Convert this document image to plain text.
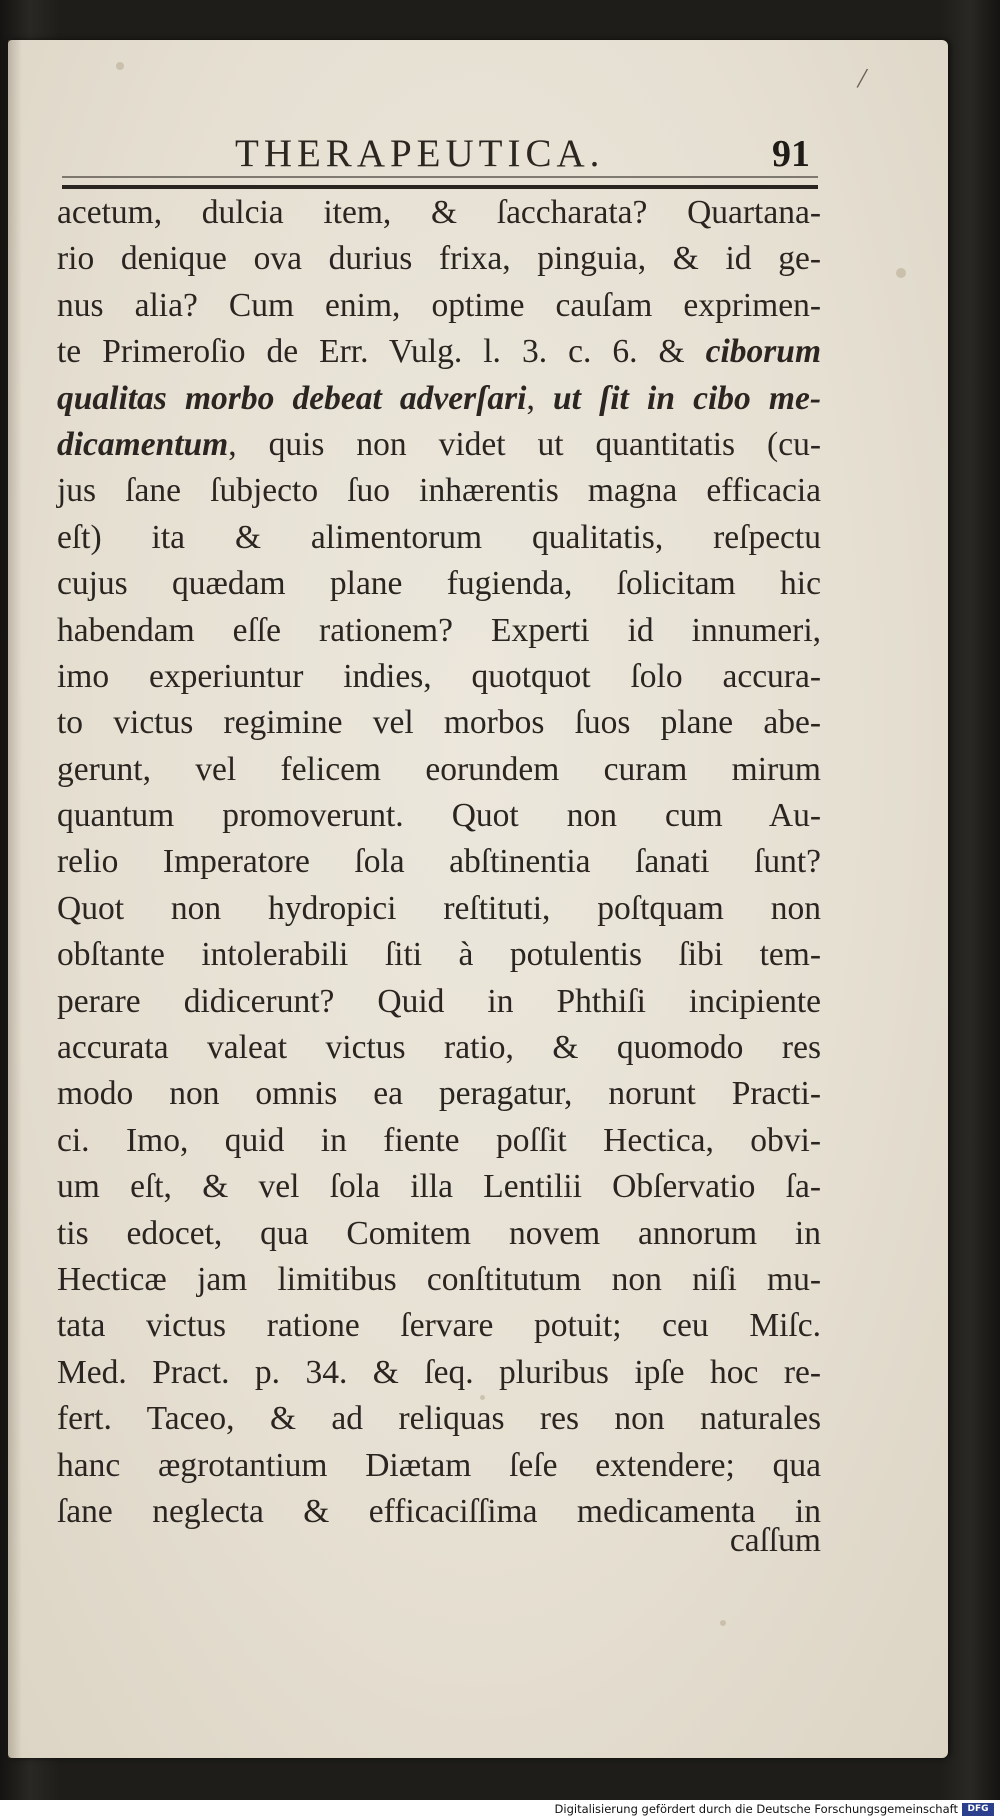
/
THERAPEUTICA.	91
acetum, dulcia item, & ſaccharata? Quartana-
rio denique ova durius frixa, pinguia, & id ge-
nus alia? Cum enim, optime cauſam exprimen-
te Primeroſio de Err. Vulg. l. 3. c. 6. & ciborum
qualitas morbo debeat adverſari, ut ſit in cibo me-
dicamentum, quis non videt ut quantitatis (cu-
jus ſane ſubjecto ſuo inhærentis magna efficacia
eſt) ita & alimentorum qualitatis, reſpectu
cujus quædam plane fugienda, ſolicitam hic
habendam eſſe rationem? Experti id innumeri,
imo experiuntur indies, quotquot ſolo accura-
to victus regimine vel morbos ſuos plane abe-
gerunt, vel felicem eorundem curam mirum
quantum promoverunt. Quot non cum Au-
relio Imperatore ſola abſtinentia ſanati ſunt?
Quot non hydropici reſtituti, poſtquam non
obſtante intolerabili ſiti à potulentis ſibi tem-
perare didicerunt? Quid in Phthiſi incipiente
accurata valeat victus ratio, & quomodo res
modo non omnis ea peragatur, norunt Practi-
ci. Imo, quid in fiente poſſit Hectica, obvi-
um eſt, & vel ſola illa Lentilii Obſervatio ſa-
tis edocet, qua Comitem novem annorum in
Hecticæ jam limitibus conſtitutum non niſi mu-
tata victus ratione ſervare potuit; ceu Miſc.
Med. Pract. p. 34. & ſeq. pluribus ipſe hoc re-
fert. Taceo, & ad reliquas res non naturales
hanc ægrotantium Diætam ſeſe extendere; qua
ſane neglecta & efficaciſſima medicamenta in
caſſum
Digitalisierung gefördert durch die Deutsche Forschungsgemeinschaft	DFG
